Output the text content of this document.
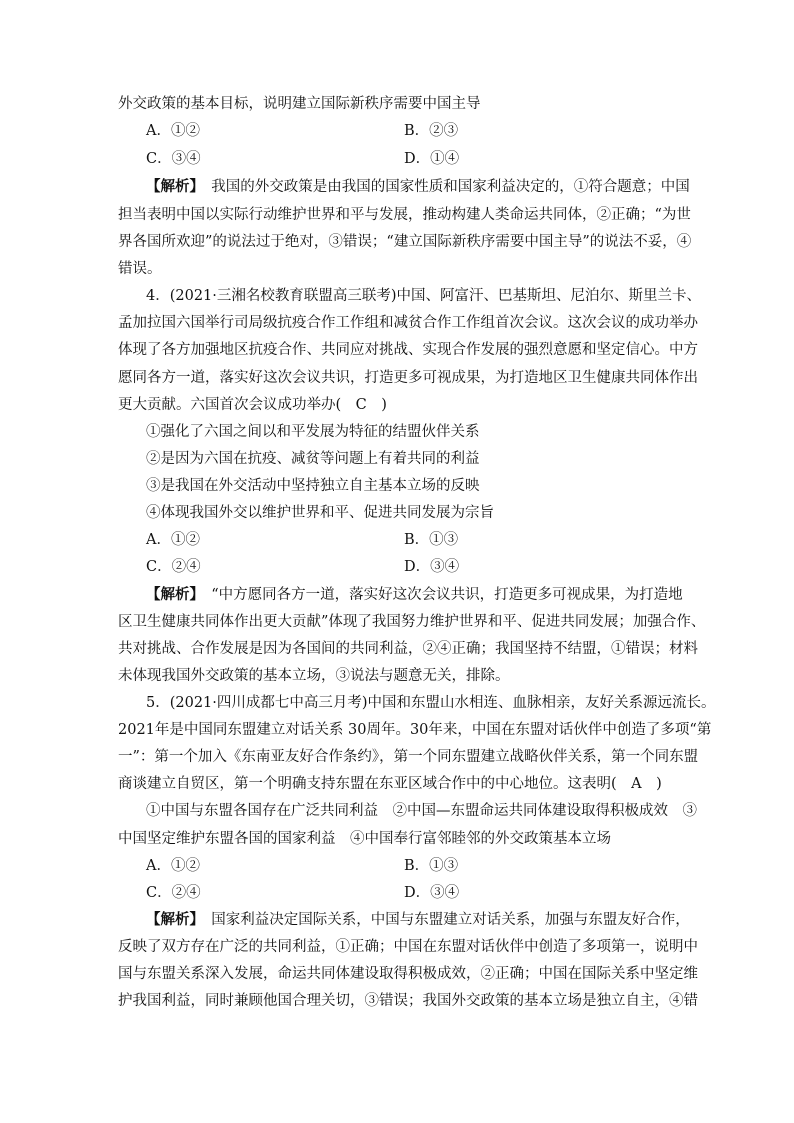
外交政策的基本目标，说明建立国际新秩序需要中国主导
A．①②	B．②③
C．③④	D．①④
【解析】　 我国的外交政策是由我国的国家性质和国家利益决定的，①符合题意；中国
担当表明中国以实际行动维护世界和平与发展，推动构建人类命运共同体，②正确；“为世
界各国所欢迎”的说法过于绝对，③错误；“建立国际新秩序需要中国主导”的说法不妥，④
错误。
4．(2021·三湘名校教育联盟高三联考)中国、阿富汗、巴基斯坦、尼泊尔、斯里兰卡、
孟加拉国六国举行司局级抗疫合作工作组和减贫合作工作组首次会议。这次会议的成功举办
体现了各方加强地区抗疫合作、共同应对挑战、实现合作发展的强烈意愿和坚定信心。中方
愿同各方一道，落实好这次会议共识，打造更多可视成果，为打造地区卫生健康共同体作出
更大贡献。六国首次会议成功举办(　C　)
①强化了六国之间以和平发展为特征的结盟伙伴关系
②是因为六国在抗疫、减贫等问题上有着共同的利益
③是我国在外交活动中坚持独立自主基本立场的反映
④体现我国外交以维护世界和平、促进共同发展为宗旨
A．①②	B．①③
C．②④	D．③④
【解析】　 “中方愿同各方一道，落实好这次会议共识，打造更多可视成果，为打造地
区卫生健康共同体作出更大贡献”体现了我国努力维护世界和平、促进共同发展；加强合作、
共对挑战、合作发展是因为各国间的共同利益，②④正确；我国坚持不结盟，①错误；材料
未体现我国外交政策的基本立场，③说法与题意无关，排除。
5．(2021·四川成都七中高三月考)中国和东盟山水相连、血脉相亲，友好关系源远流长。
2021年是中国同东盟建立对话关系 30周年。30年来，中国在东盟对话伙伴中创造了多项“第
一”：第一个加入《东南亚友好合作条约》，第一个同东盟建立战略伙伴关系，第一个同东盟
商谈建立自贸区，第一个明确支持东盟在东亚区域合作中的中心地位。这表明(　A　)
①中国与东盟各国存在广泛共同利益　②中国—东盟命运共同体建设取得积极成效　③
中国坚定维护东盟各国的国家利益　④中国奉行富邻睦邻的外交政策基本立场
A．①②	B．①③
C．②④	D．③④
【解析】　 国家利益决定国际关系，中国与东盟建立对话关系，加强与东盟友好合作，
反映了双方存在广泛的共同利益，①正确；中国在东盟对话伙伴中创造了多项第一，说明中
国与东盟关系深入发展，命运共同体建设取得积极成效，②正确；中国在国际关系中坚定维
护我国利益，同时兼顾他国合理关切，③错误；我国外交政策的基本立场是独立自主，④错
